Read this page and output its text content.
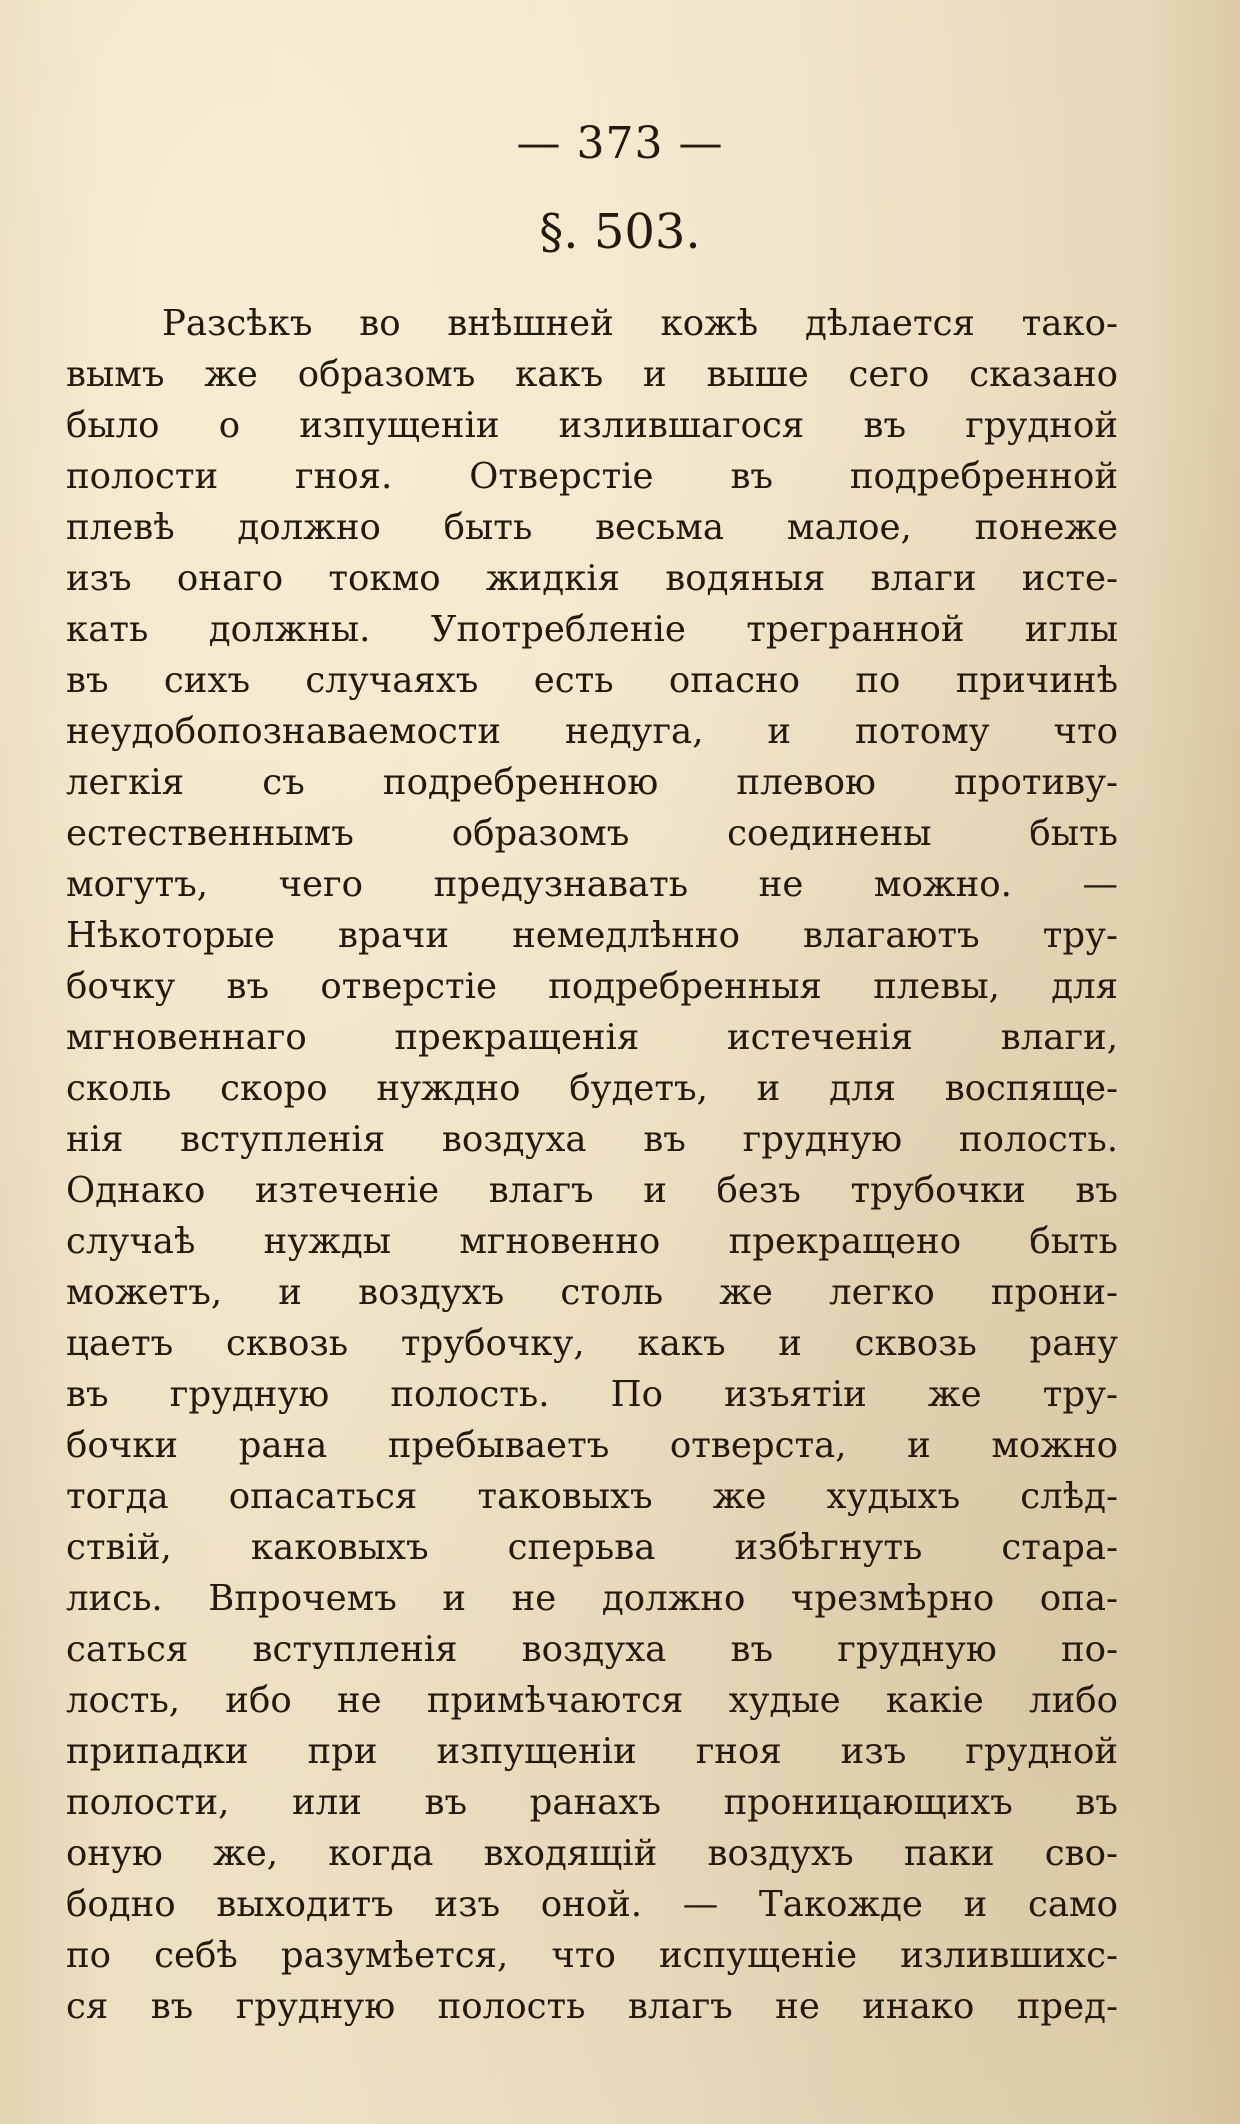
— 373 —

§. 503.

Разсѣкъ во внѣшней кожѣ дѣлается тако-
вымъ же образомъ какъ и выше сего сказано
было о изпущеніи излившагося въ грудной
полости гноя. Отверстіе въ подребренной
плевѣ должно быть весьма малое, понеже
изъ онаго токмо жидкія водяныя влаги исте-
кать должны. Употребленіе трегранной иглы
въ сихъ случаяхъ есть опасно по причинѣ
неудобопознаваемости недуга, и потому что
легкія съ подребренною плевою противу-
естественнымъ образомъ соединены быть
могутъ, чего предузнавать не можно. —
Нѣкоторые врачи немедлѣнно влагаютъ тру-
бочку въ отверстіе подребренныя плевы, для
мгновеннаго прекращенія истеченія влаги,
сколь скоро нуждно будетъ, и для воспяще-
нія вступленія воздуха въ грудную полость.
Однако изтеченіе влагъ и безъ трубочки въ
случаѣ нужды мгновенно прекращено быть
можетъ, и воздухъ столь же легко прони-
цаетъ сквозь трубочку, какъ и сквозь рану
въ грудную полость. По изъятіи же тру-
бочки рана пребываетъ отверста, и можно
тогда опасаться таковыхъ же худыхъ слѣд-
ствій, каковыхъ сперьва избѣгнуть стара-
лись. Впрочемъ и не должно чрезмѣрно опа-
саться вступленія воздуха въ грудную по-
лость, ибо не примѣчаются худые какіе либо
припадки при изпущеніи гноя изъ грудной
полости, или въ ранахъ проницающихъ въ
оную же, когда входящій воздухъ паки сво-
бодно выходитъ изъ оной. — Такожде и само
по себѣ разумѣется, что испущеніе излившихс-
ся въ грудную полость влагъ не инако пред-
